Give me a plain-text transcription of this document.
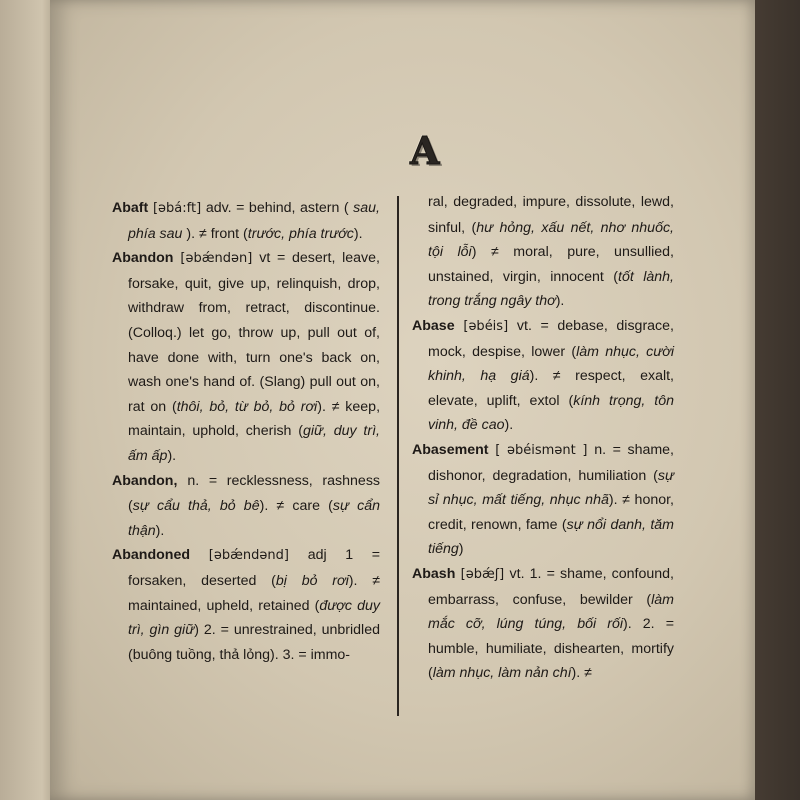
A

Abaft [əbá:ft] adv. = behind, astern ( sau, phía sau ). ≠ front (trước, phía trước).

Abandon [əbǽndən] vt = desert, leave, forsake, quit, give up, relinquish, drop, withdraw from, retract, discontinue. (Colloq.) let go, throw up, pull out of, have done with, turn one's back on, wash one's hand of. (Slang) pull out on, rat on (thôi, bỏ, từ bỏ, bỏ rơi). ≠ keep, maintain, uphold, cherish (giữ, duy trì, ấm ấp).

Abandon, n. = recklessness, rashness (sự cẩu thả, bỏ bê). ≠ care (sự cẩn thận).

Abandoned [əbǽndənd] adj 1 = forsaken, deserted (bị bỏ rơi). ≠ maintained, upheld, retained (được duy trì, gìn giữ) 2. = unrestrained, unbridled (buông tuồng, thả lỏng). 3. = immo-

ral, degraded, impure, dissolute, lewd, sinful, (hư hỏng, xấu nết, nhơ nhuốc, tội lỗi) ≠ moral, pure, unsullied, unstained, virgin, innocent (tốt lành, trong trắng ngây thơ).

Abase [əbéis] vt. = debase, disgrace, mock, despise, lower (làm nhục, cười khinh, hạ giá). ≠ respect, exalt, elevate, uplift, extol (kính trọng, tôn vinh, đề cao).

Abasement [ əbéismənt ] n. = shame, dishonor, degradation, humiliation (sự sỉ nhục, mất tiếng, nhục nhã). ≠ honor, credit, renown, fame (sự nổi danh, tăm tiếng)

Abash [əbǽʃ] vt. 1. = shame, confound, embarrass, confuse, bewilder (làm mắc cỡ, lúng túng, bối rối). 2. = humble, humiliate, dishearten, mortify (làm nhục, làm nản chí). ≠
